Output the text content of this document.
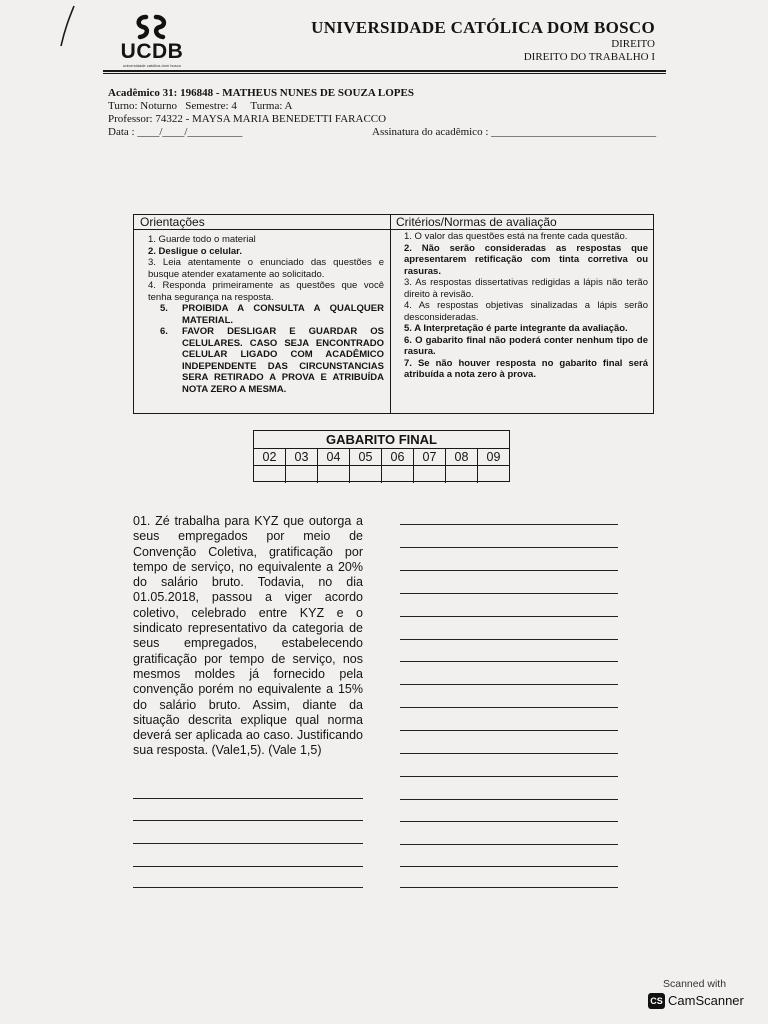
UCDB
universidade católica dom bosco
UNIVERSIDADE CATÓLICA DOM BOSCO
DIREITO
DIREITO DO TRABALHO I
Acadêmico 31: 196848 - MATHEUS NUNES DE SOUZA LOPES
Turno: Noturno   Semestre: 4     Turma: A
Professor: 74322 - MAYSA MARIA BENEDETTI FARACCO
Data : ____/____/__________	Assinatura do acadêmico : ______________________________
Orientações	Critérios/Normas de avaliação
1. Guarde todo o material
2. Desligue o celular.
3. Leia atentamente o enunciado das questões e busque atender exatamente ao solicitado.
4. Responda primeiramente as questões que você tenha segurança na resposta.
5.	PROIBIDA A CONSULTA A QUALQUER MATERIAL.
6.	FAVOR DESLIGAR E GUARDAR OS CELULARES. CASO SEJA ENCONTRADO CELULAR LIGADO COM ACADÊMICO INDEPENDENTE DAS CIRCUNSTANCIAS SERA RETIRADO A PROVA E ATRIBUÍDA NOTA ZERO A MESMA.
1. O valor das questões está na frente cada questão.
2. Não serão consideradas as respostas que apresentarem retificação com tinta corretiva ou rasuras.
3. As respostas dissertativas redigidas a lápis não terão direito à revisão.
4. As respostas objetivas sinalizadas a lápis serão desconsideradas.
5. A Interpretação é parte integrante da avaliação.
6. O gabarito final não poderá conter nenhum tipo de rasura.
7. Se não houver resposta no gabarito final será atribuída a nota zero à prova.
GABARITO FINAL
02	03	04	05	06	07	08	09
01. Zé trabalha para KYZ que outorga a seus empregados por meio de Convenção Coletiva, gratificação por tempo de serviço, no equivalente a 20% do salário bruto. Todavia, no dia 01.05.2018, passou a viger acordo coletivo, celebrado entre KYZ e o sindicato representativo da categoria de seus empregados, estabelecendo gratificação por tempo de serviço, nos mesmos moldes já fornecido pela convenção porém no equivalente a 15% do salário bruto. Assim, diante da situação descrita explique qual norma deverá ser aplicada ao caso. Justificando sua resposta. (Vale1,5). (Vale 1,5)
Scanned with
CS CamScanner
